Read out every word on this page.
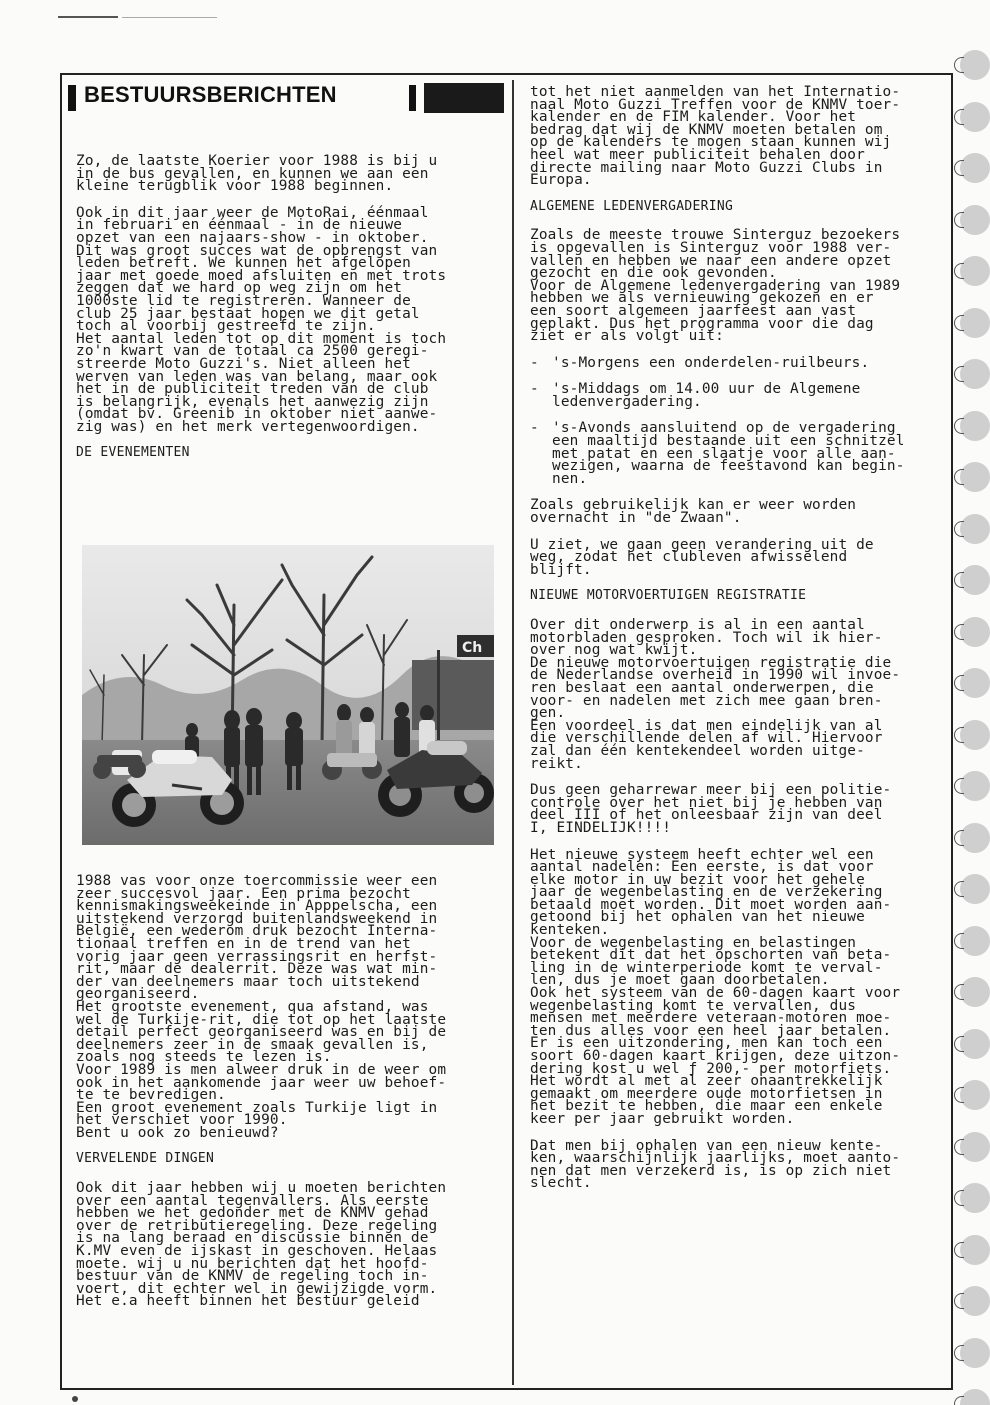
BESTUURSBERICHTEN

Zo, de laatste Koerier voor 1988 is bij u
in de bus gevallen, en kunnen we aan een
kleine terugblik voor 1988 beginnen.

Ook in dit jaar weer de MotoRai, éénmaal
in februari en éénmaal - in de nieuwe
opzet van een najaars-show - in oktober.
Dit was groot succes wat de opbrengst van
leden betreft. We kunnen het afgelopen
jaar met goede moed afsluiten en met trots
zeggen dat we hard op weg zijn om het
1000ste lid te registreren. Wanneer de
club 25 jaar bestaat hopen we dit getal
toch al voorbij gestreefd te zijn.
Het aantal leden tot op dit moment is toch
zo'n kwart van de totaal ca 2500 geregi-
streerde Moto Guzzi's. Niet alleen het
werven van leden was van belang, maar ook
het in de publiciteit treden van de club
is belangrijk, evenals het aanwezig zijn
(omdat bv. Greenib in oktober niet aanwe-
zig was) en het merk vertegenwoordigen.

DE EVENEMENTEN
Ch

1988 vas voor onze toercommissie weer een
zeer succesvol jaar. Een prima bezocht
kennismakingsweekeinde in Apppelscha, een
uitstekend verzorgd buitenlandsweekend in
België, een wederom druk bezocht Interna-
tionaal treffen en in de trend van het
vorig jaar geen verrassingsrit en herfst-
rit, maar de dealerrit. Deze was wat min-
der van deelnemers maar toch uitstekend
georganiseerd.
Het grootste evenement, qua afstand, was
wel de Turkije-rit, die tot op het laatste
detail perfect georganiseerd was en bij de
deelnemers zeer in de smaak gevallen is,
zoals nog steeds te lezen is.
Voor 1989 is men alweer druk in de weer om
ook in het aankomende jaar weer uw behoef-
te te bevredigen.
Een groot evenement zoals Turkije ligt in
het verschiet voor 1990.
Bent u ook zo benieuwd?

VERVELENDE DINGEN

Ook dit jaar hebben wij u moeten berichten
over een aantal tegenvallers. Als eerste
hebben we het gedonder met de KNMV gehad
over de retributieregeling. Deze regeling
is na lang beraad en discussie binnen de
K.MV even de ijskast in geschoven. Helaas
moete. wij u nu berichten dat het hoofd-
bestuur van de KNMV de regeling toch in-
voert, dit echter wel in gewijzigde vorm.
Het e.a heeft binnen het bestuur geleid

tot het niet aanmelden van het Internatio-
naal Moto Guzzi Treffen voor de KNMV toer-
kalender en de FIM kalender. Voor het
bedrag dat wij de KNMV moeten betalen om
op de kalenders te mogen staan kunnen wij
heel wat meer publiciteit behalen door
directe mailing naar Moto Guzzi Clubs in
Europa.

ALGEMENE LEDENVERGADERING

Zoals de meeste trouwe Sinterguz bezoekers
is opgevallen is Sinterguz voor 1988 ver-
vallen en hebben we naar een andere opzet
gezocht en die ook gevonden.
Voor de Algemene ledenvergadering van 1989
hebben we als vernieuwing gekozen en er
een soort algemeen jaarfeest aan vast
geplakt. Dus het programma voor die dag
ziet er als volgt uit:

- 's-Morgens een onderdelen-ruilbeurs.
- 's-Middags om 14.00 uur de Algemene
ledenvergadering.
- 's-Avonds aansluitend op de vergadering
een maaltijd bestaande uit een schnitzel
met patat en een slaatje voor alle aan-
wezigen, waarna de feestavond kan begin-
nen.

Zoals gebruikelijk kan er weer worden
overnacht in "de Zwaan".

U ziet, we gaan geen verandering uit de
weg, zodat het clubleven afwisselend
blijft.

NIEUWE MOTORVOERTUIGEN REGISTRATIE

Over dit onderwerp is al in een aantal
motorbladen gesproken. Toch wil ik hier-
over nog wat kwijt.
De nieuwe motorvoertuigen registratie die
de Nederlandse overheid in 1990 wil invoe-
ren beslaat een aantal onderwerpen, die
voor- en nadelen met zich mee gaan bren-
gen.
Een voordeel is dat men eindelijk van al
die verschillende delen af wil. Hiervoor
zal dan één kentekendeel worden uitge-
reikt.

Dus geen geharrewar meer bij een politie-
controle over het niet bij je hebben van
deel III of het onleesbaar zijn van deel
I, EINDELIJK!!!!

Het nieuwe systeem heeft echter wel een
aantal nadelen: Een eerste, is dat voor
elke motor in uw bezit voor het gehele
jaar de wegenbelasting en de verzekering
betaald moet worden. Dit moet worden aan-
getoond bij het ophalen van het nieuwe
kenteken.
Voor de wegenbelasting en belastingen
betekent dit dat het opschorten van beta-
ling in de winterperiode komt te verval-
len, dus je moet gaan doorbetalen.
Ook het systeem van de 60-dagen kaart voor
wegenbelasting komt te vervallen, dus
mensen met meerdere veteraan-motoren moe-
ten dus alles voor een heel jaar betalen.
Er is een uitzondering, men kan toch een
soort 60-dagen kaart krijgen, deze uitzon-
dering kost u wel ƒ 200,- per motorfiets.
Het wordt al met al zeer onaantrekkelijk
gemaakt om meerdere oude motorfietsen in
het bezit te hebben, die maar een enkele
keer per jaar gebruikt worden.

Dat men bij ophalen van een nieuw kente-
ken, waarschijnlijk jaarlijks, moet aanto-
nen dat men verzekerd is, is op zich niet
slecht.
